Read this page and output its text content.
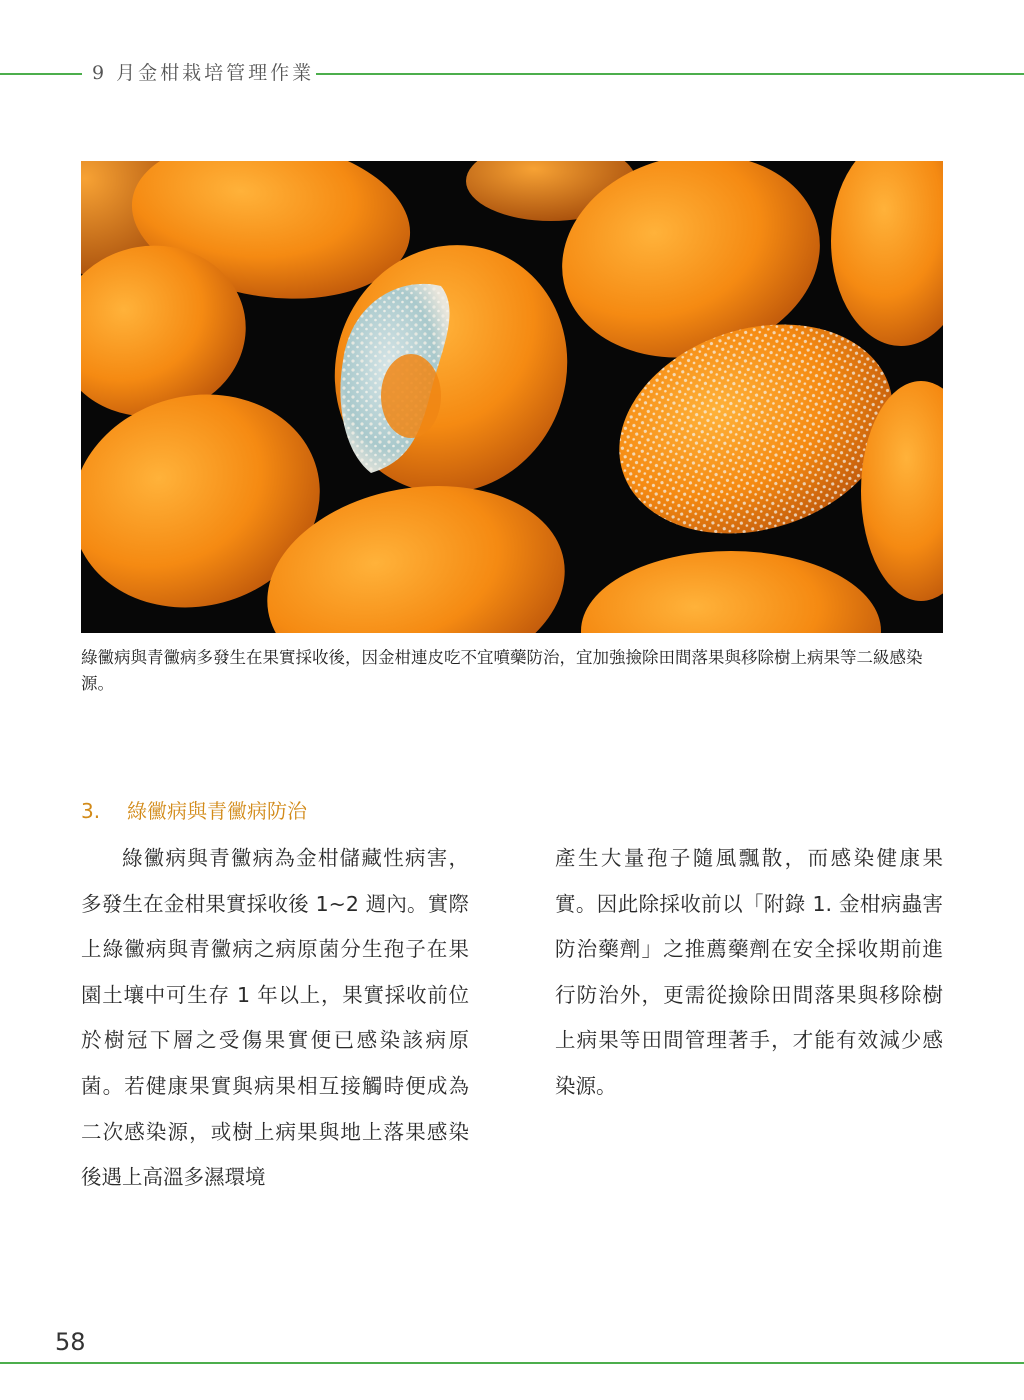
9 月金柑栽培管理作業
綠黴病與青黴病多發生在果實採收後，因金柑連皮吃不宜噴藥防治，宜加強撿除田間落果與移除樹上病果等二級感染源。
3. 綠黴病與青黴病防治

綠黴病與青黴病為金柑儲藏性病害，多發生在金柑果實採收後 1~2 週內。實際上綠黴病與青黴病之病原菌分生孢子在果園土壤中可生存 1 年以上，果實採收前位於樹冠下層之受傷果實便已感染該病原菌。若健康果實與病果相互接觸時便成為二次感染源，或樹上病果與地上落果感染後遇上高溫多濕環境

產生大量孢子隨風飄散，而感染健康果實。因此除採收前以「附錄 1. 金柑病蟲害防治藥劑」之推薦藥劑在安全採收期前進行防治外，更需從撿除田間落果與移除樹上病果等田間管理著手，才能有效減少感染源。

58
